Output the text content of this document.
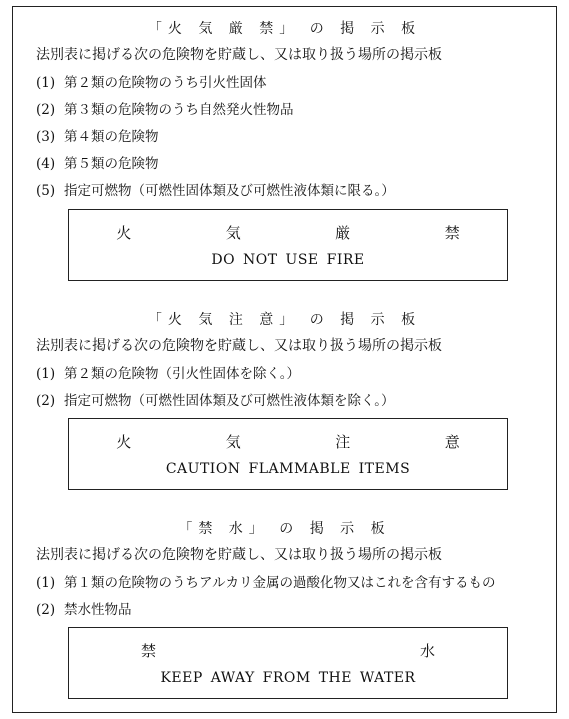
「火 気 厳 禁」 の 掲 示 板
法別表に掲げる次の危険物を貯蔵し、又は取り扱う場所の掲示板
(1) 第２類の危険物のうち引火性固体
(2) 第３類の危険物のうち自然発火性物品
(3) 第４類の危険物
(4) 第５類の危険物
(5) 指定可燃物（可燃性固体類及び可燃性液体類に限る。）
火	気	厳	禁
DO NOT USE FIRE
「火 気 注 意」 の 掲 示 板
法別表に掲げる次の危険物を貯蔵し、又は取り扱う場所の掲示板
(1) 第２類の危険物（引火性固体を除く。）
(2) 指定可燃物（可燃性固体類及び可燃性液体類を除く。）
火	気	注	意
CAUTION FLAMMABLE ITEMS
「禁 水」 の 掲 示 板
法別表に掲げる次の危険物を貯蔵し、又は取り扱う場所の掲示板
(1) 第１類の危険物のうちアルカリ金属の過酸化物又はこれを含有するもの
(2) 禁水性物品
禁	水
KEEP AWAY FROM THE WATER
